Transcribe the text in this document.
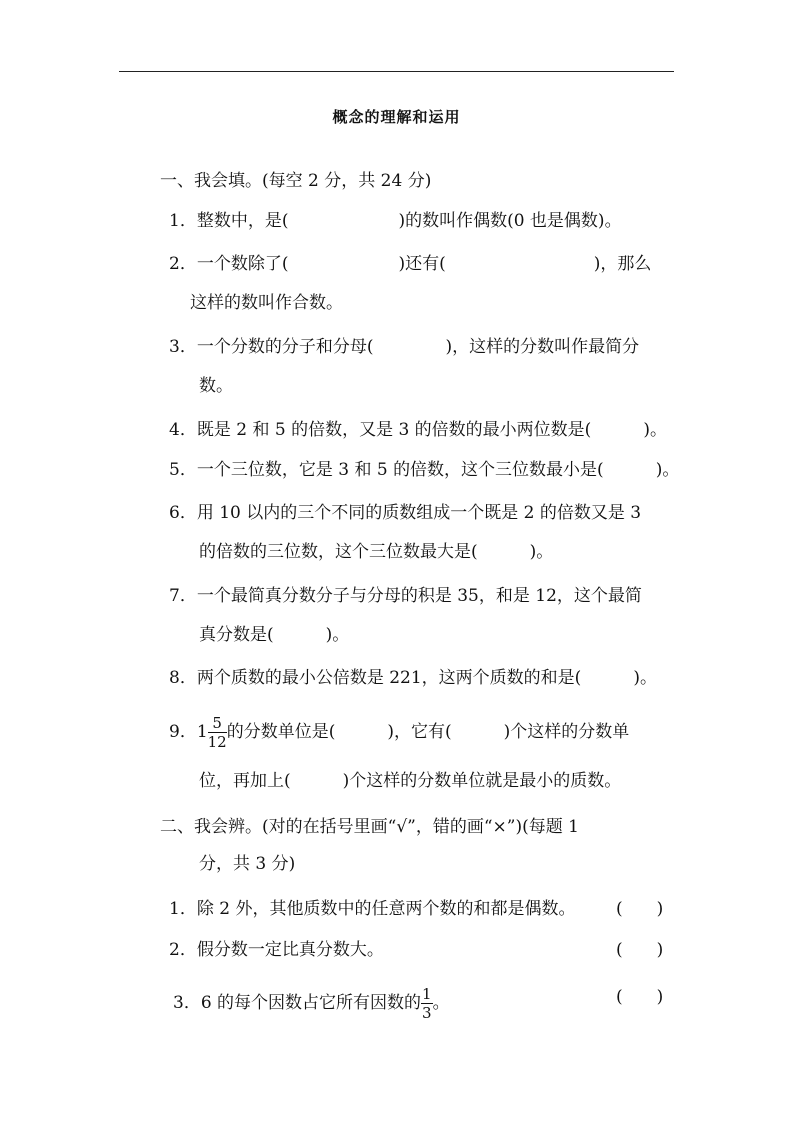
概念的理解和运用
一、我会填。(每空 2 分，共 24 分)
1．整数中，是(	)的数叫作偶数(0 也是偶数)。
2．一个数除了(	)还有(	)，那么
这样的数叫作合数。
3．一个分数的分子和分母(	)，这样的分数叫作最简分
数。
4．既是 2 和 5 的倍数，又是 3 的倍数的最小两位数是(	)。
5．一个三位数，它是 3 和 5 的倍数，这个三位数最小是(	)。
6．用 10 以内的三个不同的质数组成一个既是 2 的倍数又是 3
的倍数的三位数，这个三位数最大是(	)。
7．一个最简真分数分子与分母的积是 35，和是 12，这个最简
真分数是(	)。
8．两个质数的最小公倍数是 221，这两个质数的和是(	)。
9．$1 \frac{5}{12}$ 的分数单位是(	)，它有(	)个这样的分数单
位，再加上(	)个这样的分数单位就是最小的质数。
二、我会辨。(对的在括号里画“√”，错的画“×”)(每题 1
分，共 3 分)
1．除 2 外，其他质数中的任意两个数的和都是偶数。 (　　)
2．假分数一定比真分数大。	(　　)
3．6 的每个因数占它所有因数的 $\frac{1}{3}$ 。	(　　)
